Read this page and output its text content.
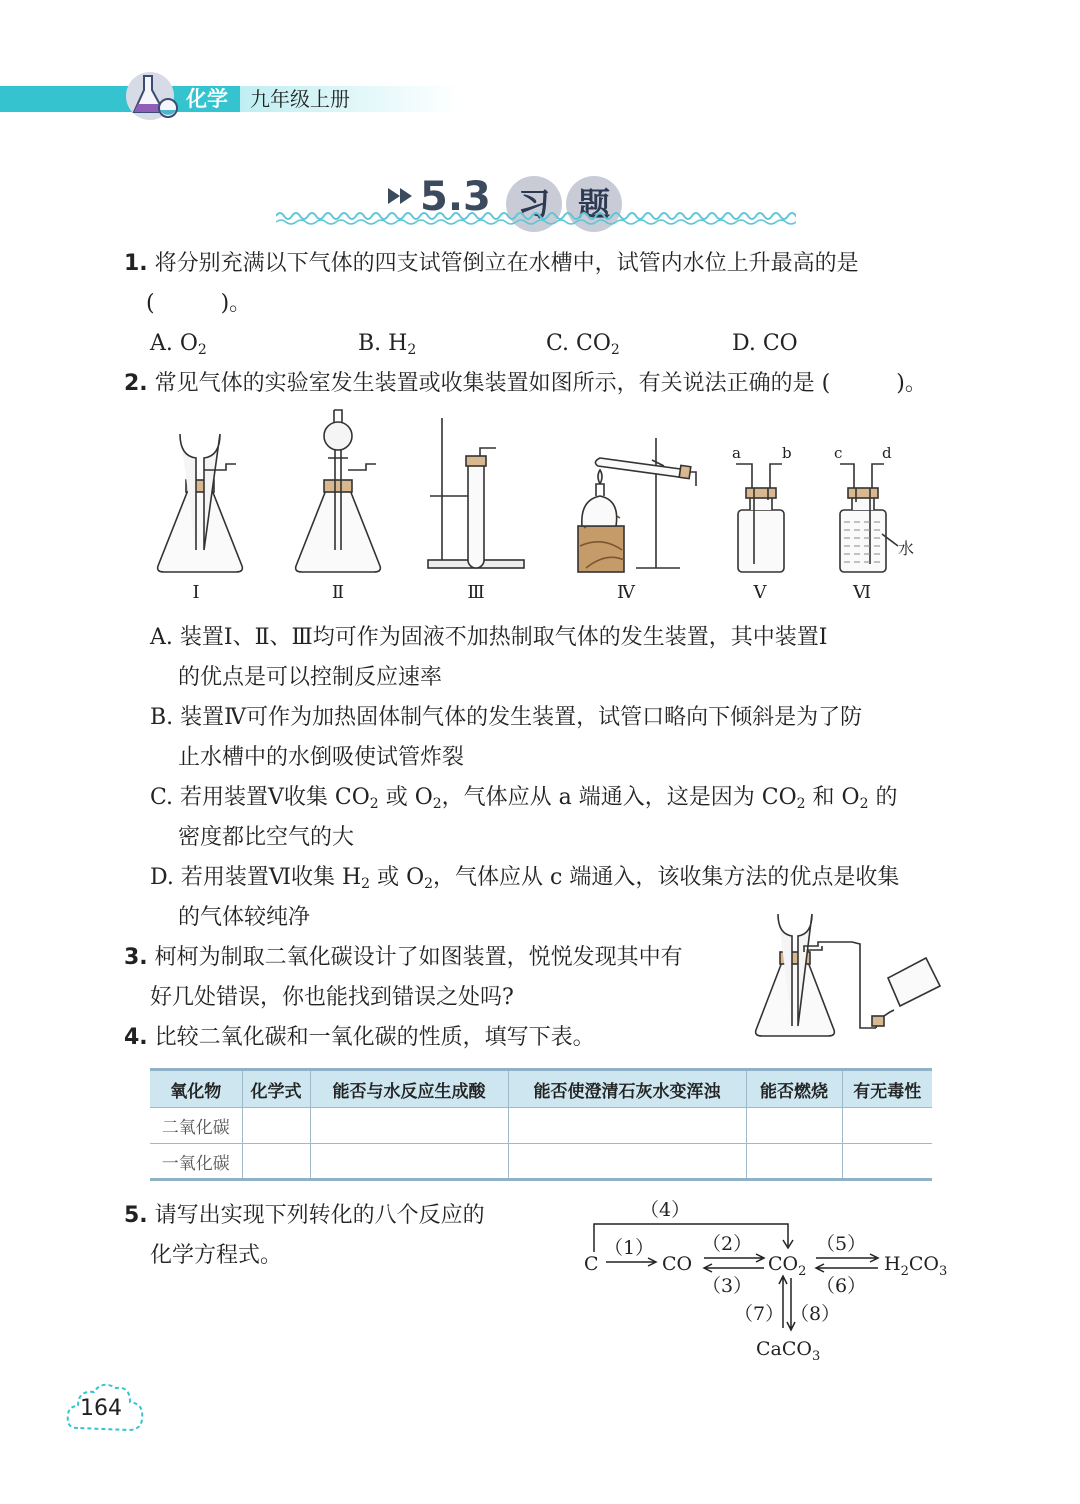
化学 九年级上册
5.3 习 题
1. 将分别充满以下气体的四支试管倒立在水槽中，试管内水位上升最高的是
(　　　)。
A. $O_2$	B. $H_2$	C. $CO_2$	D. CO
2. 常见气体的实验室发生装置或收集装置如图所示，有关说法正确的是 (　　　)。
Ⅰ	Ⅱ	Ⅲ	Ⅳ	Ⅴ	Ⅵ
a	b	c	d
水
A. 装置Ⅰ、Ⅱ、Ⅲ均可作为固液不加热制取气体的发生装置，其中装置Ⅰ
的优点是可以控制反应速率
B. 装置Ⅳ可作为加热固体制气体的发生装置，试管口略向下倾斜是为了防
止水槽中的水倒吸使试管炸裂
C. 若用装置Ⅴ收集 $CO_2$ 或 $O_2$，气体应从 a 端通入，这是因为 $CO_2$ 和 $O_2$ 的
密度都比空气的大
D. 若用装置Ⅵ收集 $H_2$ 或 $O_2$，气体应从 c 端通入，该收集方法的优点是收集
的气体较纯净
3. 柯柯为制取二氧化碳设计了如图装置，悦悦发现其中有
好几处错误，你也能找到错误之处吗?
4. 比较二氧化碳和一氧化碳的性质，填写下表。
氧化物	化学式	能否与水反应生成酸	能否使澄清石灰水变浑浊	能否燃烧	有无毒性
二氧化碳					
一氧化碳					
5. 请写出实现下列转化的八个反应的
化学方程式。
（4）
（1）	（2）
（3）
（5）
（6）
（7） （8）
C	CO	$CO_2$	$H_2CO_3$
CaCO$_3$
164
